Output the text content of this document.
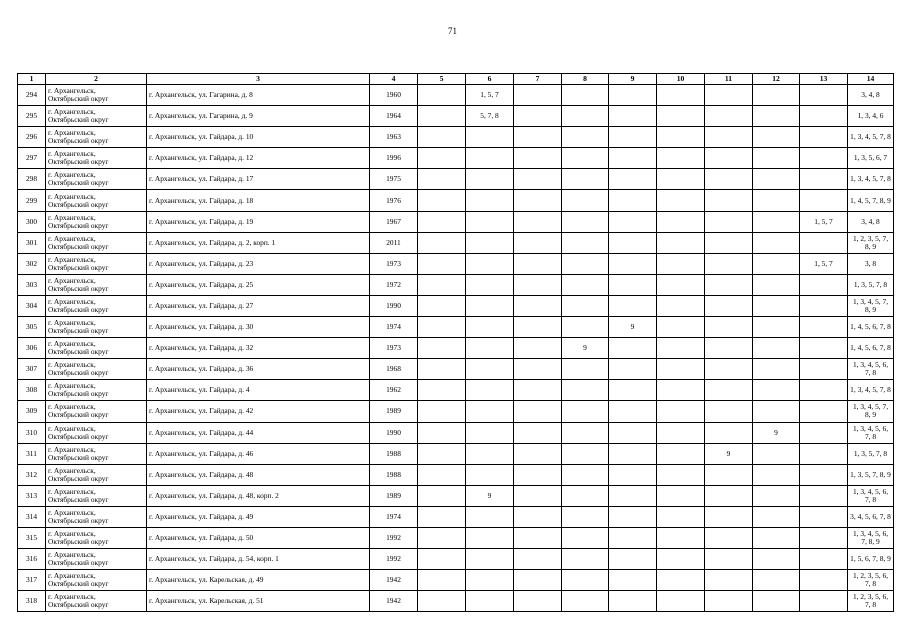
71
1	2	3	4	5	6	7	8	9	10	11	12	13	14
294	г. Архангельск,
Октябрьский округ	г. Архангельск, ул. Гагарина, д. 8	1960		1, 5, 7								3, 4, 8
295	г. Архангельск,
Октябрьский округ	г. Архангельск, ул. Гагарина, д. 9	1964		5, 7, 8								1, 3, 4, 6
296	г. Архангельск,
Октябрьский округ	г. Архангельск, ул. Гайдара, д. 10	1963										1, 3, 4, 5, 7, 8
297	г. Архангельск,
Октябрьский округ	г. Архангельск, ул. Гайдара, д. 12	1996										1, 3, 5, 6, 7
298	г. Архангельск,
Октябрьский округ	г. Архангельск, ул. Гайдара, д. 17	1975										1, 3, 4, 5, 7, 8
299	г. Архангельск,
Октябрьский округ	г. Архангельск, ул. Гайдара, д. 18	1976										1, 4, 5, 7, 8, 9
300	г. Архангельск,
Октябрьский округ	г. Архангельск, ул. Гайдара, д. 19	1967									1, 5, 7	3, 4, 8
301	г. Архангельск,
Октябрьский округ	г. Архангельск, ул. Гайдара, д. 2, корп. 1	2011										1, 2, 3, 5, 7, 8, 9
302	г. Архангельск,
Октябрьский округ	г. Архангельск, ул. Гайдара, д. 23	1973									1, 5, 7	3, 8
303	г. Архангельск,
Октябрьский округ	г. Архангельск, ул. Гайдара, д. 25	1972										1, 3, 5, 7, 8
304	г. Архангельск,
Октябрьский округ	г. Архангельск, ул. Гайдара, д. 27	1990										1, 3, 4, 5, 7, 8, 9
305	г. Архангельск,
Октябрьский округ	г. Архангельск, ул. Гайдара, д. 30	1974					9					1, 4, 5, 6, 7, 8
306	г. Архангельск,
Октябрьский округ	г. Архангельск, ул. Гайдара, д. 32	1973				9						1, 4, 5, 6, 7, 8
307	г. Архангельск,
Октябрьский округ	г. Архангельск, ул. Гайдара, д. 36	1968										1, 3, 4, 5, 6, 7, 8
308	г. Архангельск,
Октябрьский округ	г. Архангельск, ул. Гайдара, д. 4	1962										1, 3, 4, 5, 7, 8
309	г. Архангельск,
Октябрьский округ	г. Архангельск, ул. Гайдара, д. 42	1989										1, 3, 4, 5, 7, 8, 9
310	г. Архангельск,
Октябрьский округ	г. Архангельск, ул. Гайдара, д. 44	1990								9		1, 3, 4, 5, 6, 7, 8
311	г. Архангельск,
Октябрьский округ	г. Архангельск, ул. Гайдара, д. 46	1988							9			1, 3, 5, 7, 8
312	г. Архангельск,
Октябрьский округ	г. Архангельск, ул. Гайдара, д. 48	1988										1, 3, 5, 7, 8, 9
313	г. Архангельск,
Октябрьский округ	г. Архангельск, ул. Гайдара, д. 48, корп. 2	1989		9								1, 3, 4, 5, 6, 7, 8
314	г. Архангельск,
Октябрьский округ	г. Архангельск, ул. Гайдара, д. 49	1974										3, 4, 5, 6, 7, 8
315	г. Архангельск,
Октябрьский округ	г. Архангельск, ул. Гайдара, д. 50	1992										1, 3, 4, 5, 6, 7, 8, 9
316	г. Архангельск,
Октябрьский округ	г. Архангельск, ул. Гайдара, д. 54, корп. 1	1992										1, 5, 6, 7, 8, 9
317	г. Архангельск,
Октябрьский округ	г. Архангельск, ул. Карельская, д. 49	1942										1, 2, 3, 5, 6, 7, 8
318	г. Архангельск,
Октябрьский округ	г. Архангельск, ул. Карельская, д. 51	1942										1, 2, 3, 5, 6, 7, 8
